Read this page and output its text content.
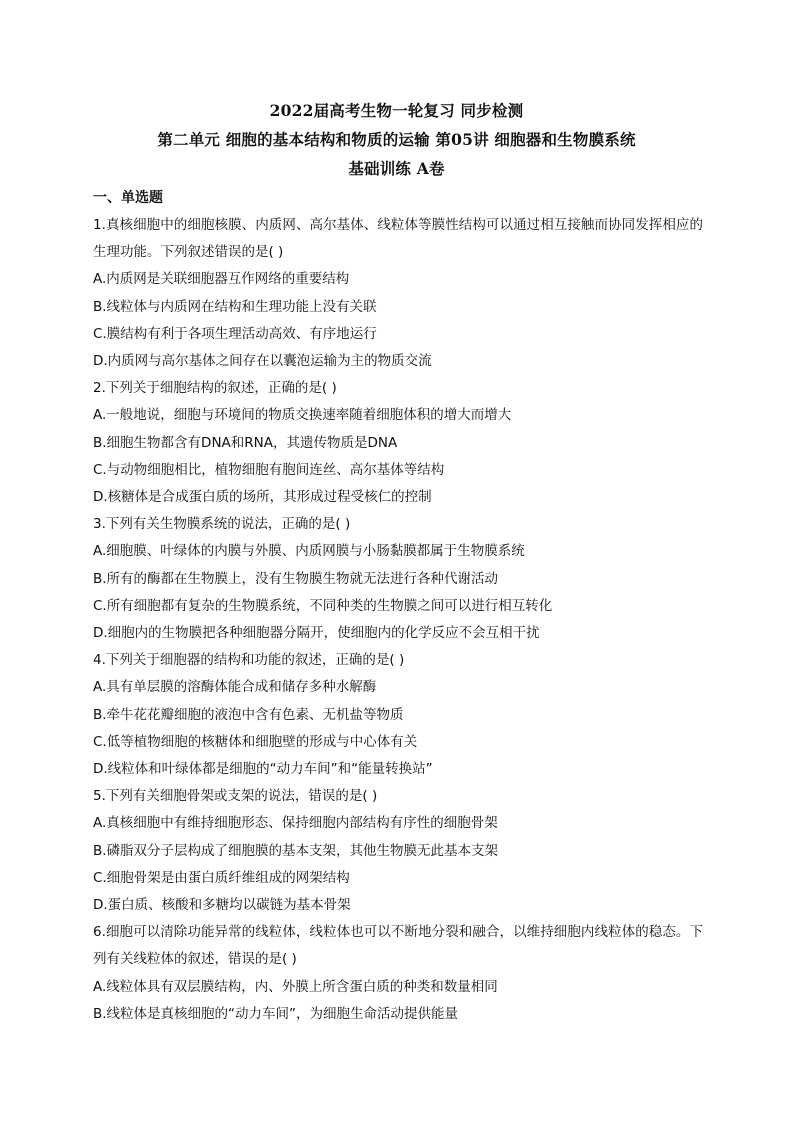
2022届高考生物一轮复习 同步检测
第二单元 细胞的基本结构和物质的运输 第05讲 细胞器和生物膜系统
基础训练 A卷
一、单选题
1.真核细胞中的细胞核膜、内质网、高尔基体、线粒体等膜性结构可以通过相互接触而协同发挥相应的生理功能。下列叙述错误的是( )
A.内质网是关联细胞器互作网络的重要结构
B.线粒体与内质网在结构和生理功能上没有关联
C.膜结构有利于各项生理活动高效、有序地运行
D.内质网与高尔基体之间存在以囊泡运输为主的物质交流
2.下列关于细胞结构的叙述，正确的是( )
A.一般地说，细胞与环境间的物质交换速率随着细胞体积的增大而增大
B.细胞生物都含有DNA和RNA，其遗传物质是DNA
C.与动物细胞相比，植物细胞有胞间连丝、高尔基体等结构
D.核糖体是合成蛋白质的场所，其形成过程受核仁的控制
3.下列有关生物膜系统的说法，正确的是( )
A.细胞膜、叶绿体的内膜与外膜、内质网膜与小肠黏膜都属于生物膜系统
B.所有的酶都在生物膜上，没有生物膜生物就无法进行各种代谢活动
C.所有细胞都有复杂的生物膜系统，不同种类的生物膜之间可以进行相互转化
D.细胞内的生物膜把各种细胞器分隔开，使细胞内的化学反应不会互相干扰
4.下列关于细胞器的结构和功能的叙述，正确的是( )
A.具有单层膜的溶酶体能合成和储存多种水解酶
B.牵牛花花瓣细胞的液泡中含有色素、无机盐等物质
C.低等植物细胞的核糖体和细胞壁的形成与中心体有关
D.线粒体和叶绿体都是细胞的“动力车间”和“能量转换站”
5.下列有关细胞骨架或支架的说法，错误的是( )
A.真核细胞中有维持细胞形态、保持细胞内部结构有序性的细胞骨架
B.磷脂双分子层构成了细胞膜的基本支架，其他生物膜无此基本支架
C.细胞骨架是由蛋白质纤维组成的网架结构
D.蛋白质、核酸和多糖均以碳链为基本骨架
6.细胞可以清除功能异常的线粒体，线粒体也可以不断地分裂和融合，以维持细胞内线粒体的稳态。下列有关线粒体的叙述，错误的是( )
A.线粒体具有双层膜结构，内、外膜上所含蛋白质的种类和数量相同
B.线粒体是真核细胞的“动力车间”，为细胞生命活动提供能量
